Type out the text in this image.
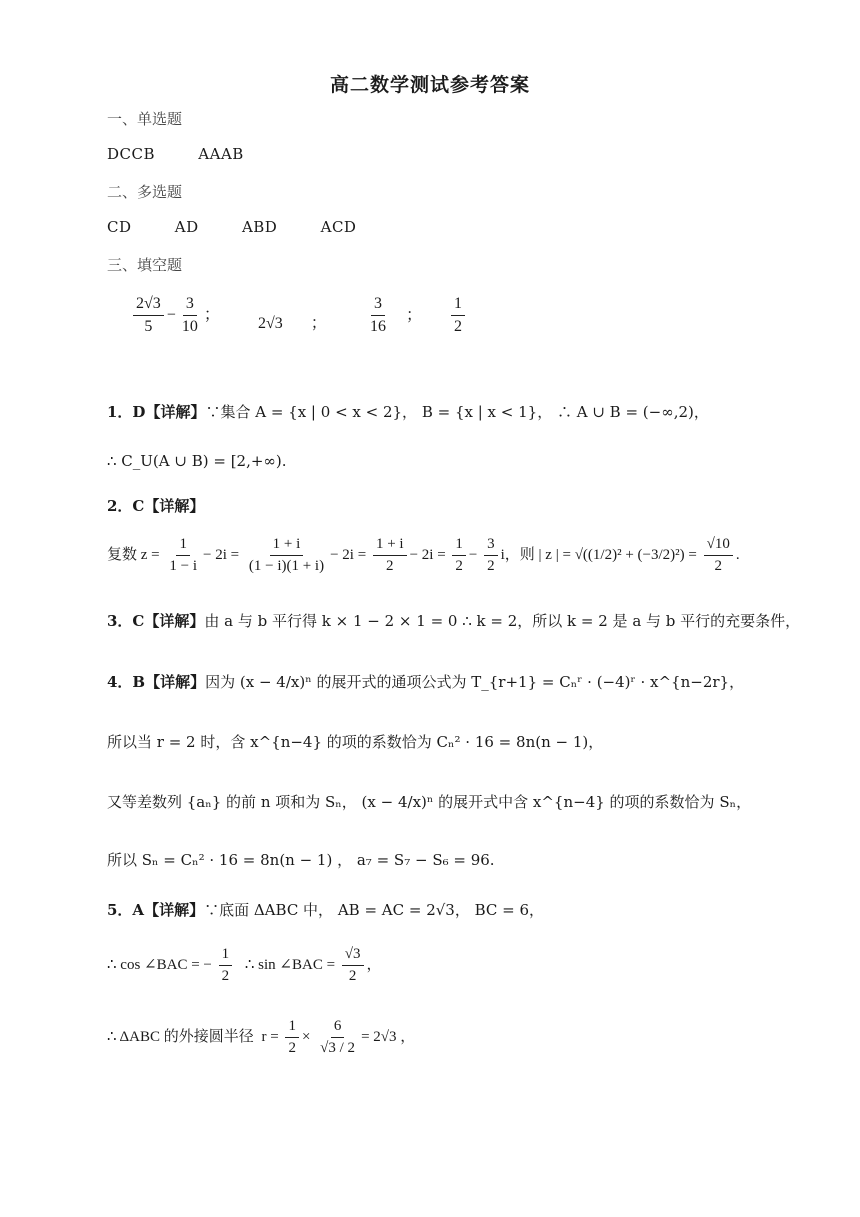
高二数学测试参考答案
一、单选题
DCCB	AAAB
二、多选题
CD	AD	ABD	ACD
三、填空题
$\frac{2√3}{5} - \frac{3}{10}$ ； 2√3 ；	$\frac{3}{16}$ ； $\frac{1}{2}$
1．D【详解】∵集合 A = {x | 0 < x < 2}， B = {x | x < 1}， ∴ A ∪ B = (−∞,2)，
∴ C_U(A ∪ B) = [2,+∞).
2．C【详解】
复数 $z = \frac{1}{1 - i} - 2i = \frac{1 + i}{(1 - i)(1 + i)} - 2i = \frac{1 + i}{2} - 2i = \frac{1}{2} - \frac{3}{2}$ i，则 | z | = $√((1/2)^2 + (-3/2)^2) = \frac{√10}{2}$ .
3．C【详解】由 a 与 b 平行得 k × 1 − 2 × 1 = 0 ∴ k = 2，所以 k = 2 是 a 与 b 平行的充要条件，
4．B【详解】因为 (x − 4/x)ⁿ 的展开式的通项公式为 T_{r+1} = Cₙʳ · (−4)ʳ · x^{n−2r}，
所以当 r = 2 时，含 x^{n−4} 的项的系数恰为 Cₙ² · 16 = 8n(n − 1)，
又等差数列 {aₙ} 的前 n 项和为 Sₙ， (x − 4/x)ⁿ 的展开式中含 x^{n−4} 的项的系数恰为 Sₙ，
所以 Sₙ = Cₙ² · 16 = 8n(n − 1) ， a₇ = S₇ − S₆ = 96.
5．A【详解】∵底面 ΔABC 中， AB = AC = 2√3， BC = 6，
∴ cos ∠BAC = − $\frac{1}{2}$ ∴ sin ∠BAC = $\frac{√3}{2}$ ，
∴ ΔABC 的外接圆半径 $r = \frac{1}{2} \times \frac{6}{√3 / 2} = 2√3$ ，
